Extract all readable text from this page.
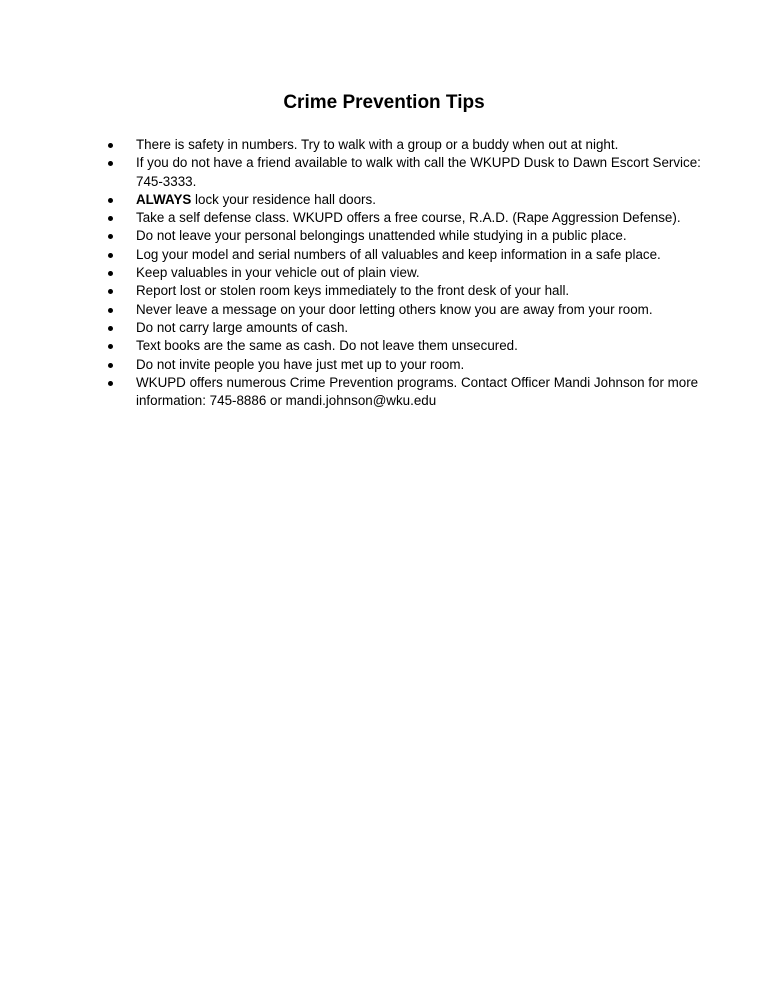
Crime Prevention Tips
There is safety in numbers. Try to walk with a group or a buddy when out at night.
If you do not have a friend available to walk with call the WKUPD Dusk to Dawn Escort Service: 745-3333.
ALWAYS lock your residence hall doors.
Take a self defense class. WKUPD offers a free course, R.A.D. (Rape Aggression Defense).
Do not leave your personal belongings unattended while studying in a public place.
Log your model and serial numbers of all valuables and keep information in a safe place.
Keep valuables in your vehicle out of plain view.
Report lost or stolen room keys immediately to the front desk of your hall.
Never leave a message on your door letting others know you are away from your room.
Do not carry large amounts of cash.
Text books are the same as cash. Do not leave them unsecured.
Do not invite people you have just met up to your room.
WKUPD offers numerous Crime Prevention programs. Contact Officer Mandi Johnson for more information: 745-8886 or mandi.johnson@wku.edu
